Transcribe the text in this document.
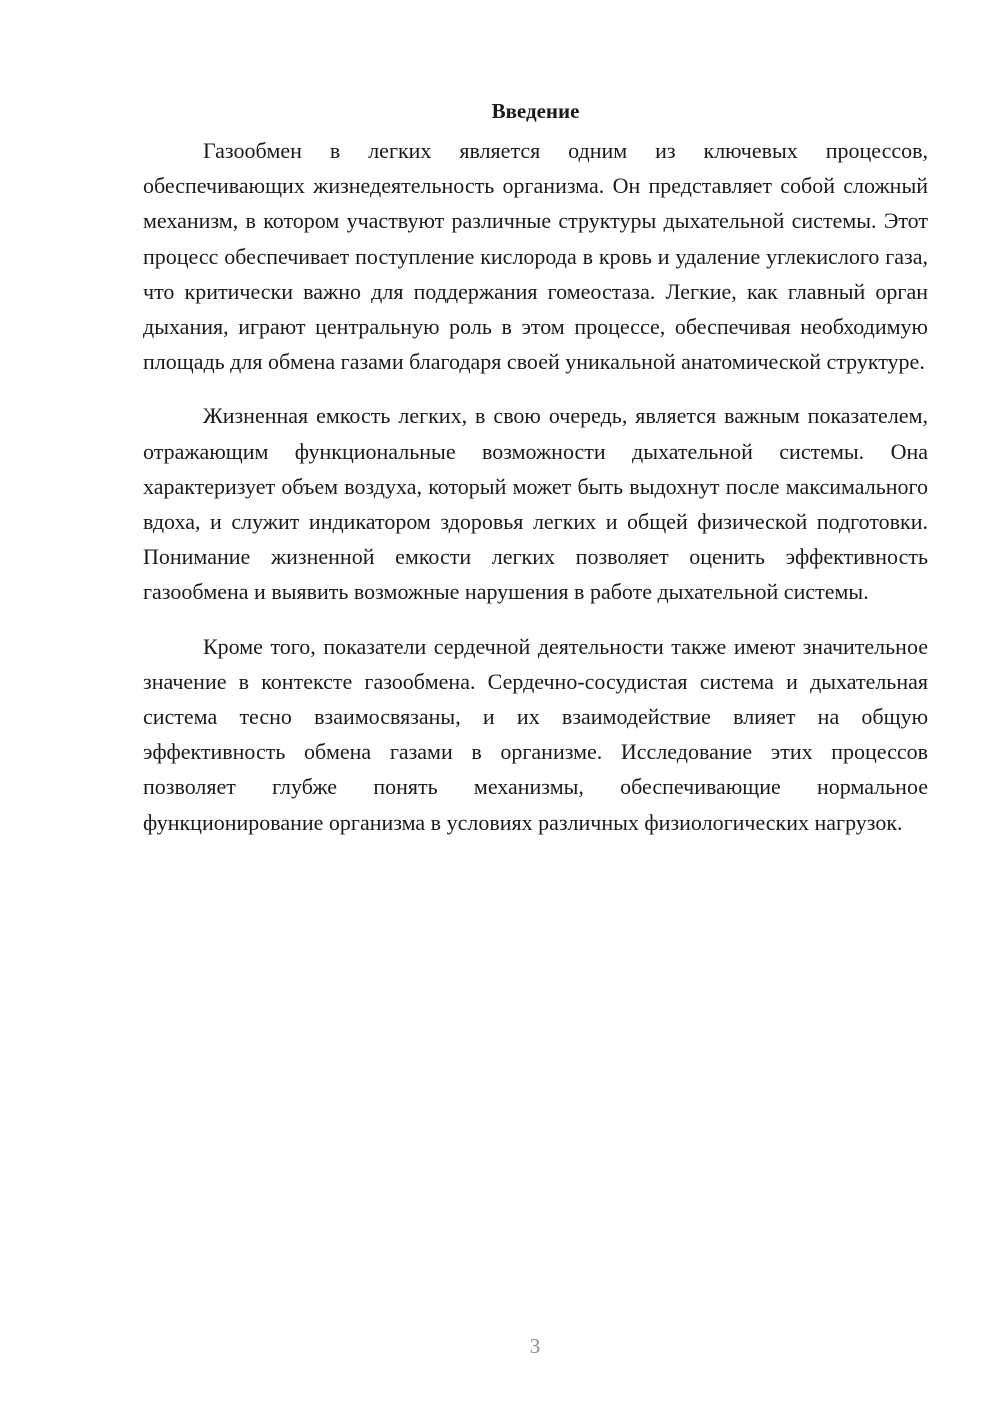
Введение

Газообмен в легких является одним из ключевых процессов, обеспечивающих жизнедеятельность организма. Он представляет собой сложный механизм, в котором участвуют различные структуры дыхательной системы. Этот процесс обеспечивает поступление кислорода в кровь и удаление углекислого газа, что критически важно для поддержания гомеостаза. Легкие, как главный орган дыхания, играют центральную роль в этом процессе, обеспечивая необходимую площадь для обмена газами благодаря своей уникальной анатомической структуре.

Жизненная емкость легких, в свою очередь, является важным показателем, отражающим функциональные возможности дыхательной системы. Она характеризует объем воздуха, который может быть выдохнут после максимального вдоха, и служит индикатором здоровья легких и общей физической подготовки. Понимание жизненной емкости легких позволяет оценить эффективность газообмена и выявить возможные нарушения в работе дыхательной системы.

Кроме того, показатели сердечной деятельности также имеют значительное значение в контексте газообмена. Сердечно-сосудистая система и дыхательная система тесно взаимосвязаны, и их взаимодействие влияет на общую эффективность обмена газами в организме. Исследование этих процессов позволяет глубже понять механизмы, обеспечивающие нормальное функционирование организма в условиях различных физиологических нагрузок.

3
